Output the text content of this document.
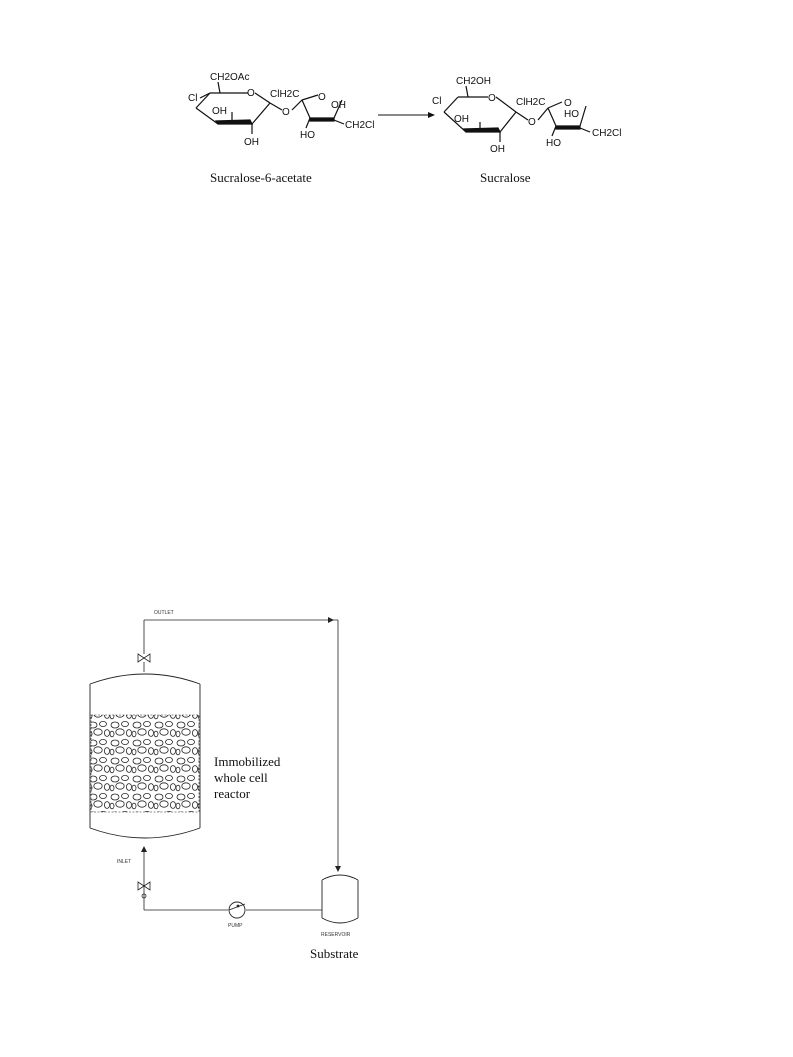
CH2OAc
Cl	O
OH
OH
O
ClH2C O
OH
HO
CH2Cl
CH2OH
Cl	O
OH
OH
O
ClH2C O
HO
HO
CH2Cl
Sucralose-6-acetate	Sucralose
OUTLET
INLET
PUMP
RESERVOIR
Immobilized
whole cell
reactor
Substrate
